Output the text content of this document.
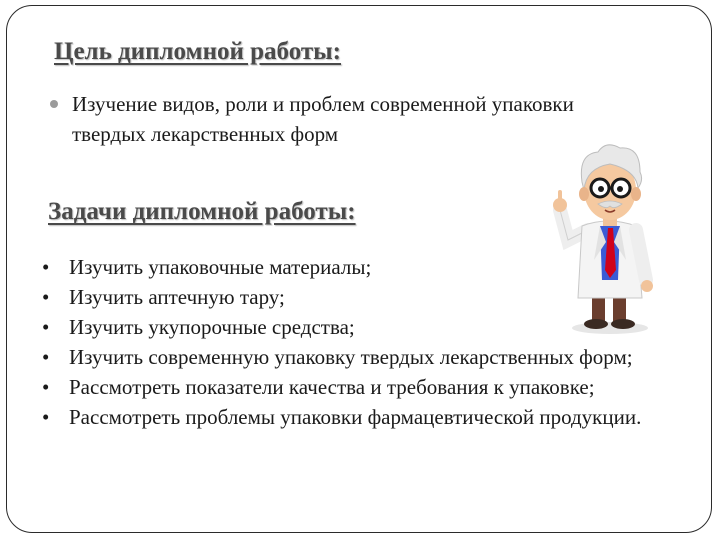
Цель дипломной работы:

Изучение видов, роли и проблем современной упаковки твердых лекарственных форм

Задачи дипломной работы:
• Изучить упаковочные материалы;
• Изучить аптечную тару;
• Изучить укупорочные средства;
• Изучить современную упаковку твердых лекарственных форм;
• Рассмотреть показатели качества и требования к упаковке;
• Рассмотреть проблемы упаковки фармацевтической продукции.
